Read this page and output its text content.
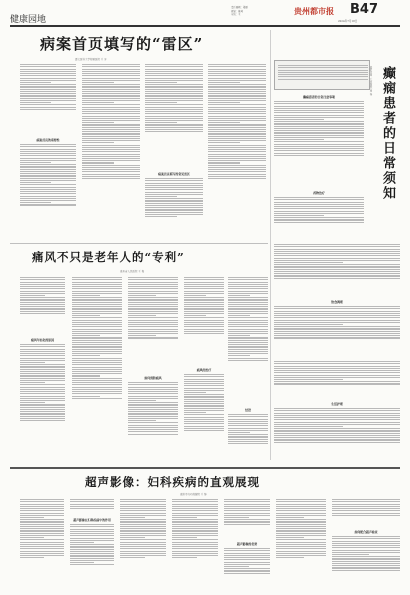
责任编辑：姜丽
视觉：蒋珂
审读：王	贵州都市报 B47
2024年7月18日
健康园地
病案首页填写的“雷区”
遵义医科大学附属医院 王 芳
病案首页的重要性
病案首页填写的常见雷区
痛风不只是老年人的“专利”
贵州省人民医院 王 梅
痛风年轻化的原因
如何预防痛风
痛风的治疗
结语
癫痫患者的日常须知
贵阳市第二人民医院 周 杨
癫痫患者的日常注意事项
药物治疗
饮食调理
生活护理
超声影像：妇科疾病的直观展现
贵阳市妇幼保健院 王 静
超声影像在妇科疾病中的作用
超声影像的优势
如何配合超声检查
